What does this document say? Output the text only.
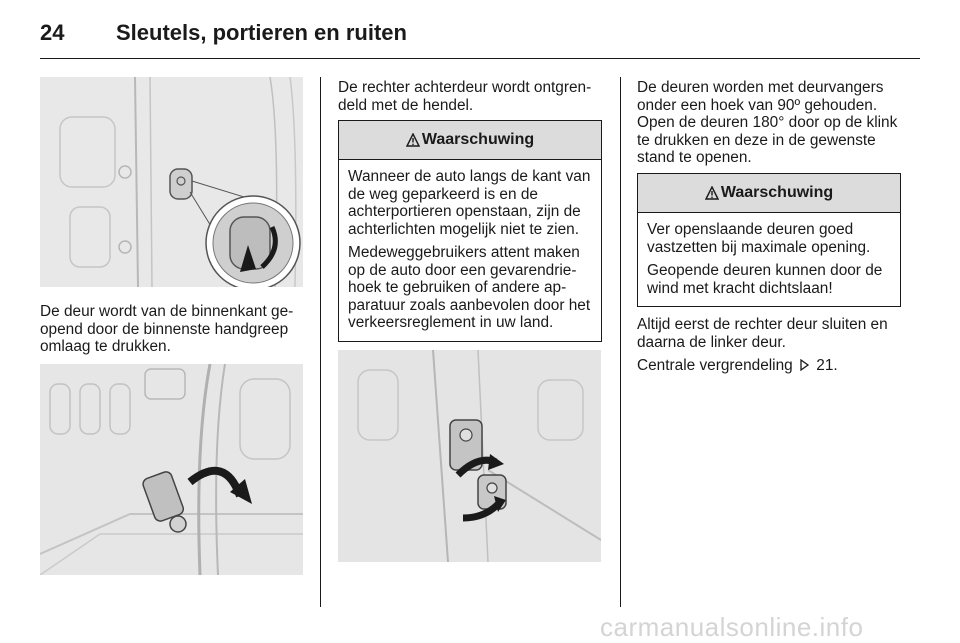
24 Sleutels, portieren en ruiten

De deur wordt van de binnenkant ge-opend door de binnenste handgreep omlaag te drukken.

De rechter achterdeur wordt ontgren-deld met de hendel.

Waarschuwing

Wanneer de auto langs de kant van de weg geparkeerd is en de achterportieren openstaan, zijn de achterlichten mogelijk niet te zien.

Medeweggebruikers attent maken op de auto door een gevarendrie-hoek te gebruiken of andere ap-paratuur zoals aanbevolen door het verkeersreglement in uw land.

De deuren worden met deurvangers onder een hoek van 90º gehouden. Open de deuren 180° door op de klink te drukken en deze in de gewenste stand te openen.

Waarschuwing

Ver openslaande deuren goed vastzetten bij maximale opening.

Geopende deuren kunnen door de wind met kracht dichtslaan!

Altijd eerst de rechter deur sluiten en daarna de linker deur.

Centrale vergrendeling 21.

carmanualsonline.info
